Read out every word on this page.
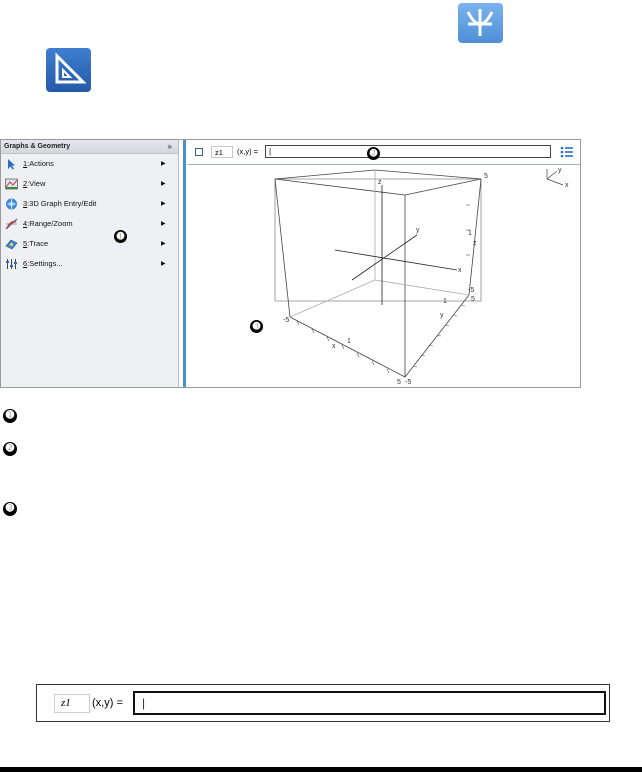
Graphs & Geometry	»
1:Actions	▶
2:View	▶
3:3D Graph Entry/Edit	▶
4:Range/Zoom	▶
5:Trace	▶
6:Settings...	▶
➊
z1	(x,y) = |	➋
5
5
-5
-5
5 -5
x
1
y
1
z
1
x
y
z	x
y
➌
➊
➋
➌
z1	(x,y) = |
